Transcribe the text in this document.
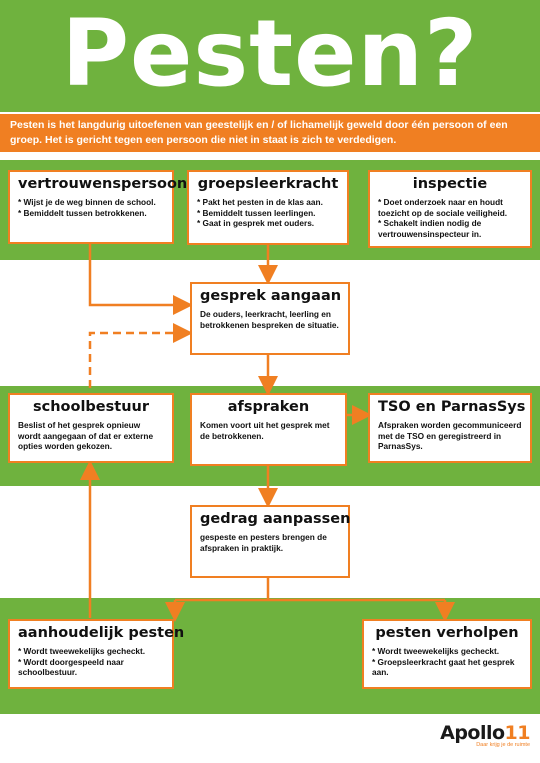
Pesten?
Pesten is het langdurig uitoefenen van geestelijk en / of lichamelijk geweld door één persoon of een groep. Het is gericht tegen een persoon die niet in staat is zich te verdedigen.
vertrouwenspersoon

* Wijst je de weg binnen de school.
* Bemiddelt tussen betrokkenen.

groepsleerkracht

* Pakt het pesten in de klas aan.
* Bemiddelt tussen leerlingen.
* Gaat in gesprek met ouders.

inspectie

* Doet onderzoek naar en houdt toezicht op de sociale veiligheid.
* Schakelt indien nodig de vertrouwensinspecteur in.

gesprek aangaan

De ouders, leerkracht, leerling en betrokkenen bespreken de situatie.

schoolbestuur

Beslist of het gesprek opnieuw wordt aangegaan of dat er externe opties worden gekozen.

afspraken

Komen voort uit het gesprek met de betrokkenen.

TSO en ParnasSys

Afspraken worden gecommuniceerd met de TSO en geregistreerd in ParnasSys.

gedrag aanpassen

gespeste en pesters brengen de afspraken in praktijk.

aanhoudelijk pesten

* Wordt tweewekelijks gecheckt.
* Wordt doorgespeeld naar schoolbestuur.

pesten verholpen

* Wordt tweewekelijks gecheckt.
* Groepsleerkracht gaat het gesprek aan.

Apollo11
Daar krijg je de ruimte
